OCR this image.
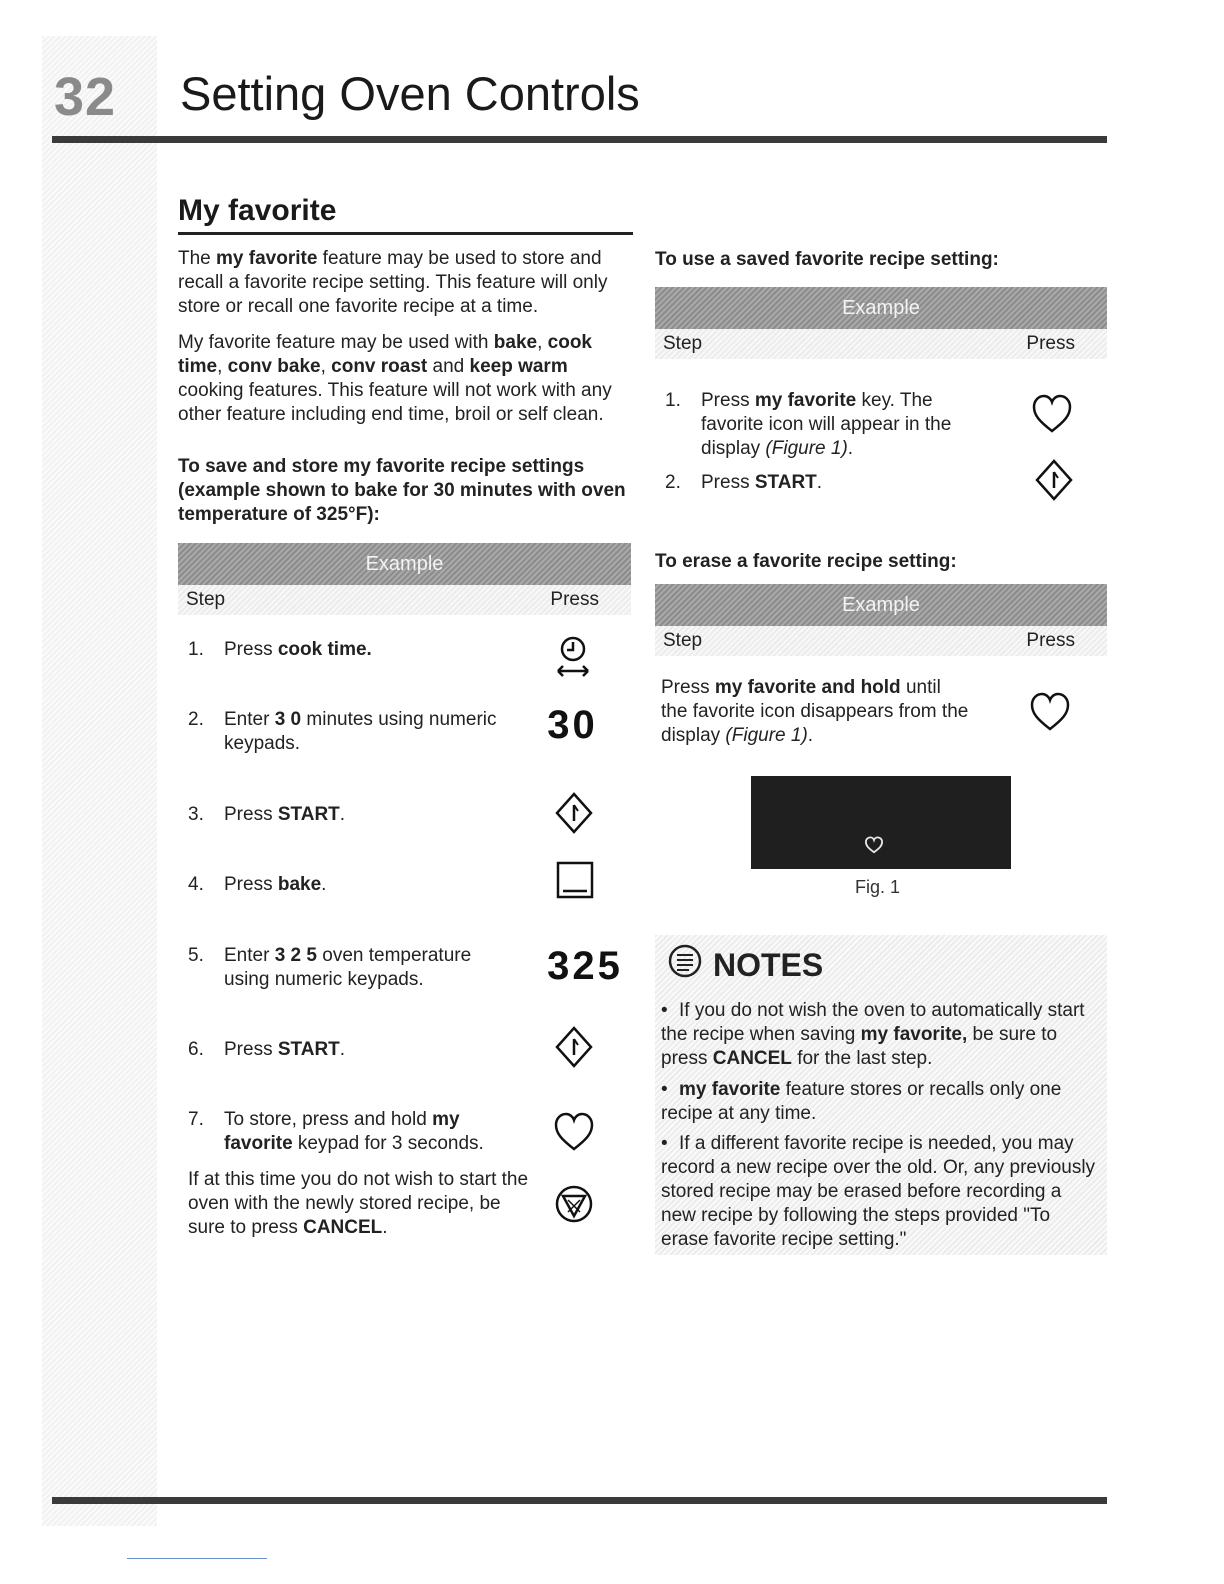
32 Setting Oven Controls
My favorite

The my favorite feature may be used to store and recall a favorite recipe setting. This feature will only store or recall one favorite recipe at a time.

My favorite feature may be used with bake, cook time, conv bake, conv roast and keep warm cooking features. This feature will not work with any other feature including end time, broil or self clean.

To save and store my favorite recipe settings (example shown to bake for 30 minutes with oven temperature of 325°F):

Example
Step	Press
1. Press cook time.
2. Enter 3 0 minutes using numeric keypads.	30
3. Press START.
4. Press bake.
5. Enter 3 2 5 oven temperature using numeric keypads.	325
6. Press START.
7. To store, press and hold my favorite keypad for 3 seconds.
If at this time you do not wish to start the oven with the newly stored recipe, be sure to press CANCEL.

To use a saved favorite recipe setting:

Example
Step	Press
1. Press my favorite key. The favorite icon will appear in the display (Figure 1).
2. Press START.

To erase a favorite recipe setting:

Example
Step	Press
Press my favorite and hold until the favorite icon disappears from the display (Figure 1).
Fig. 1
NOTES
• If you do not wish the oven to automatically start the recipe when saving my favorite, be sure to press CANCEL for the last step.
• my favorite feature stores or recalls only one recipe at any time.
• If a different favorite recipe is needed, you may record a new recipe over the old. Or, any previously stored recipe may be erased before recording a new recipe by following the steps provided "To erase favorite recipe setting."
